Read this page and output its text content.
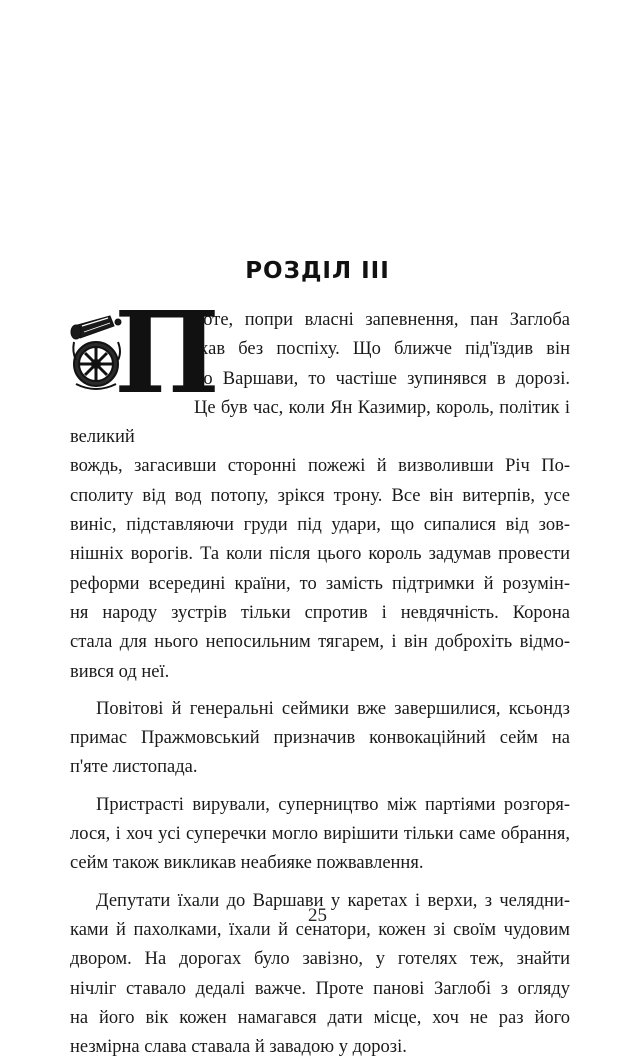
РОЗДІЛ III
П

роте, попри власні запевнення, пан Заглоба

їхав без поспіху. Що ближче під'їздив він

до Варшави, то частіше зупинявся в дорозі.

Це був час, коли Ян Казимир, король, політик і великий

вождь, загасивши сторонні пожежі й визволивши Річ По-

сполиту від вод потопу, зрікся трону. Все він витерпів, усе

виніс, підставляючи груди під удари, що сипалися від зов-

нішніх ворогів. Та коли після цього король задумав провести

реформи всередині країни, то замість підтримки й розумін-

ня народу зустрів тільки спротив і невдячність. Корона

стала для нього непосильним тягарем, і він доброхіть відмо-

вився од неї.

Повітові й генеральні сеймики вже завершилися, ксьондз

примас Пражмовський призначив конвокаційний сейм на

п'яте листопада.

Пристрасті вирували, суперництво між партіями розгоря-

лося, і хоч усі суперечки могло вирішити тільки саме обрання,

сейм також викликав неабияке пожвавлення.

Депутати їхали до Варшави у каретах і верхи, з челядни-

ками й пахолками, їхали й сенатори, кожен зі своїм чудовим

двором. На дорогах було завізно, у готелях теж, знайти

нічліг ставало дедалі важче. Проте панові Заглобі з огляду

на його вік кожен намагався дати місце, хоч не раз його

незмірна слава ставала й завадою у дорозі.

25
